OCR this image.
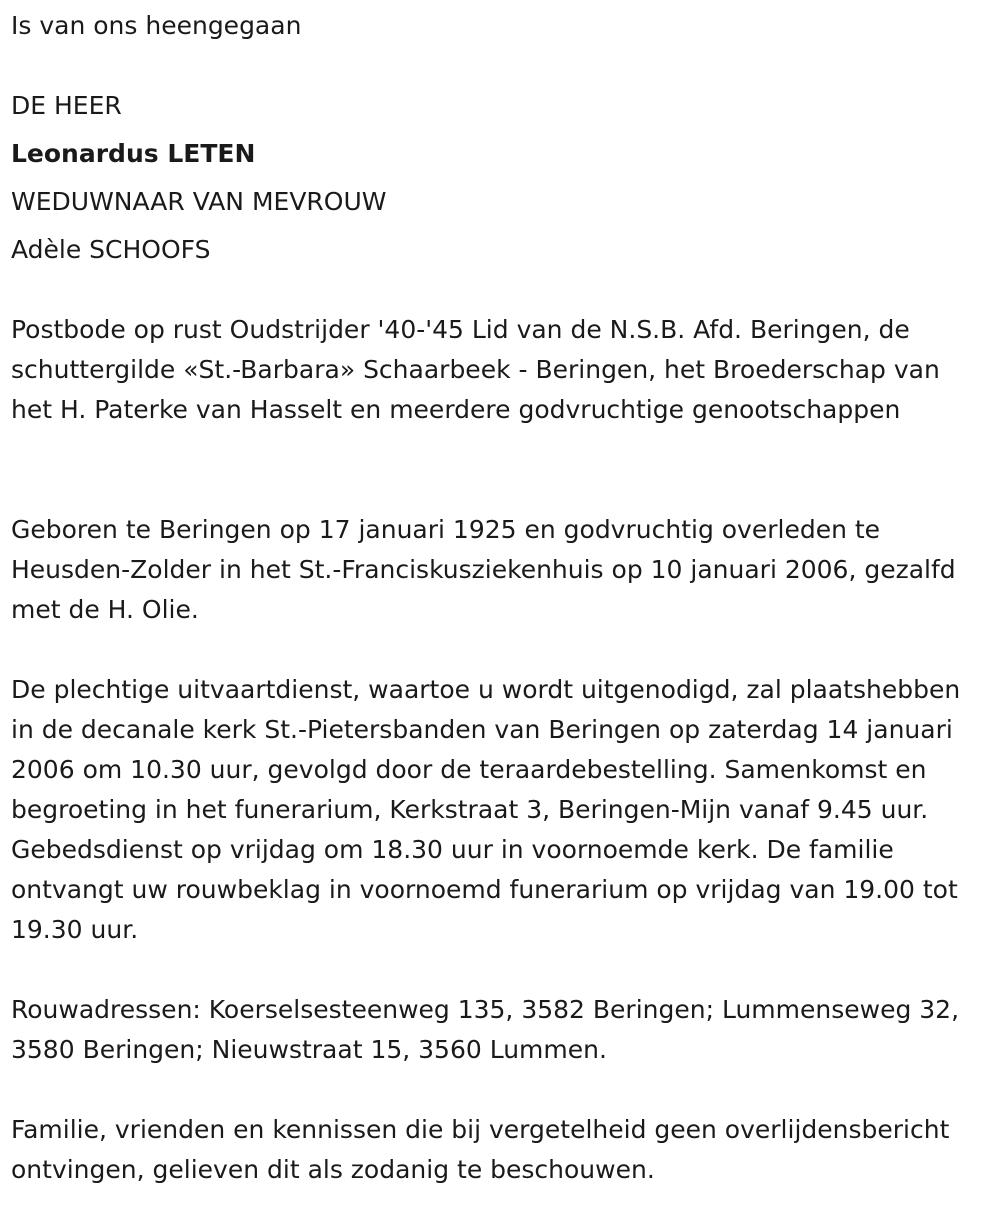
Is van ons heengegaan

DE HEER
Leonardus LETEN
WEDUWNAAR VAN MEVROUW
Adèle SCHOOFS

Postbode op rust Oudstrijder '40-'45 Lid van de N.S.B. Afd. Beringen, de schuttergilde «St.-Barbara» Schaarbeek - Beringen, het Broederschap van het H. Paterke van Hasselt en meerdere godvruchtige genootschappen

Geboren te Beringen op 17 januari 1925 en godvruchtig overleden te Heusden-Zolder in het St.-Franciskusziekenhuis op 10 januari 2006, gezalfd met de H. Olie.

De plechtige uitvaartdienst, waartoe u wordt uitgenodigd, zal plaatshebben in de decanale kerk St.-Pietersbanden van Beringen op zaterdag 14 januari 2006 om 10.30 uur, gevolgd door de teraardebestelling. Samenkomst en begroeting in het funerarium, Kerkstraat 3, Beringen-Mijn vanaf 9.45 uur. Gebedsdienst op vrijdag om 18.30 uur in voornoemde kerk. De familie ontvangt uw rouwbeklag in voornoemd funerarium op vrijdag van 19.00 tot 19.30 uur.

Rouwadressen: Koerselsesteenweg 135, 3582 Beringen; Lummenseweg 32, 3580 Beringen; Nieuwstraat 15, 3560 Lummen.

Familie, vrienden en kennissen die bij vergetelheid geen overlijdensbericht ontvingen, gelieven dit als zodanig te beschouwen.
